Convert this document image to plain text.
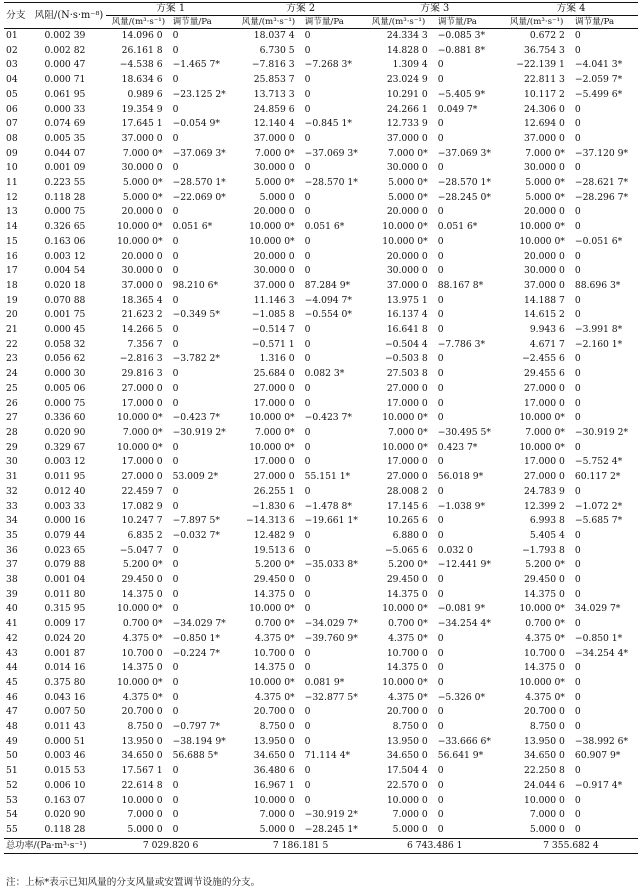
分支	风阻/(N·s·m⁻⁸)	方案 1		方案 2		方案 3		方案 4	
		风量/(m³·s⁻¹)	调节量/Pa	风量/(m³·s⁻¹)	调节量/Pa	风量/(m³·s⁻¹)	调节量/Pa	风量/(m³·s⁻¹)	调节量/Pa
01	0.002 39	14.096 0	0	18.037 4	0	24.334 3	−0.085 3*	0.672 2	0
02	0.002 82	26.161 8	0	6.730 5	0	14.828 0	−0.881 8*	36.754 3	0
03	0.000 47	−4.538 6	−1.465 7*	−7.816 3	−7.268 3*	1.309 4	0	−22.139 1	−4.041 3*
04	0.000 71	18.634 6	0	25.853 7	0	23.024 9	0	22.811 3	−2.059 7*
05	0.061 95	0.989 6	−23.125 2*	13.713 3	0	10.291 0	−5.405 9*	10.117 2	−5.499 6*
06	0.000 33	19.354 9	0	24.859 6	0	24.266 1	0.049 7*	24.306 0	0
07	0.074 69	17.645 1	−0.054 9*	12.140 4	−0.845 1*	12.733 9	0	12.694 0	0
08	0.005 35	37.000 0	0	37.000 0	0	37.000 0	0	37.000 0	0
09	0.044 07	7.000 0*	−37.069 3*	7.000 0*	−37.069 3*	7.000 0*	−37.069 3*	7.000 0*	−37.120 9*
10	0.001 09	30.000 0	0	30.000 0	0	30.000 0	0	30.000 0	0
11	0.223 55	5.000 0*	−28.570 1*	5.000 0*	−28.570 1*	5.000 0*	−28.570 1*	5.000 0*	−28.621 7*
12	0.118 28	5.000 0*	−22.069 0*	5.000 0	0	5.000 0*	−28.245 0*	5.000 0*	−28.296 7*
13	0.000 75	20.000 0	0	20.000 0	0	20.000 0	0	20.000 0	0
14	0.326 65	10.000 0*	0.051 6*	10.000 0*	0.051 6*	10.000 0*	0.051 6*	10.000 0*	0
15	0.163 06	10.000 0*	0	10.000 0*	0	10.000 0*	0	10.000 0*	−0.051 6*
16	0.003 12	20.000 0	0	20.000 0	0	20.000 0	0	20.000 0	0
17	0.004 54	30.000 0	0	30.000 0	0	30.000 0	0	30.000 0	0
18	0.020 18	37.000 0	98.210 6*	37.000 0	87.284 9*	37.000 0	88.167 8*	37.000 0	88.696 3*
19	0.070 88	18.365 4	0	11.146 3	−4.094 7*	13.975 1	0	14.188 7	0
20	0.001 75	21.623 2	−0.349 5*	−1.085 8	−0.554 0*	16.137 4	0	14.615 2	0
21	0.000 45	14.266 5	0	−0.514 7	0	16.641 8	0	9.943 6	−3.991 8*
22	0.058 32	7.356 7	0	−0.571 1	0	−0.504 4	−7.786 3*	4.671 7	−2.160 1*
23	0.056 62	−2.816 3	−3.782 2*	1.316 0	0	−0.503 8	0	−2.455 6	0
24	0.000 30	29.816 3	0	25.684 0	0.082 3*	27.503 8	0	29.455 6	0
25	0.005 06	27.000 0	0	27.000 0	0	27.000 0	0	27.000 0	0
26	0.000 75	17.000 0	0	17.000 0	0	17.000 0	0	17.000 0	0
27	0.336 60	10.000 0*	−0.423 7*	10.000 0*	−0.423 7*	10.000 0*	0	10.000 0*	0
28	0.020 90	7.000 0*	−30.919 2*	7.000 0*	0	7.000 0*	−30.495 5*	7.000 0*	−30.919 2*
29	0.329 67	10.000 0*	0	10.000 0*	0	10.000 0*	0.423 7*	10.000 0*	0
30	0.003 12	17.000 0	0	17.000 0	0	17.000 0	0	17.000 0	−5.752 4*
31	0.011 95	27.000 0	53.009 2*	27.000 0	55.151 1*	27.000 0	56.018 9*	27.000 0	60.117 2*
32	0.012 40	22.459 7	0	26.255 1	0	28.008 2	0	24.783 9	0
33	0.003 33	17.082 9	0	−1.830 6	−1.478 8*	17.145 6	−1.038 9*	12.399 2	−1.072 2*
34	0.000 16	10.247 7	−7.897 5*	−14.313 6	−19.661 1*	10.265 6	0	6.993 8	−5.685 7*
35	0.079 44	6.835 2	−0.032 7*	12.482 9	0	6.880 0	0	5.405 4	0
36	0.023 65	−5.047 7	0	19.513 6	0	−5.065 6	0.032 0	−1.793 8	0
37	0.079 88	5.200 0*	0	5.200 0*	−35.033 8*	5.200 0*	−12.441 9*	5.200 0*	0
38	0.001 04	29.450 0	0	29.450 0	0	29.450 0	0	29.450 0	0
39	0.011 80	14.375 0	0	14.375 0	0	14.375 0	0	14.375 0	0
40	0.315 95	10.000 0*	0	10.000 0*	0	10.000 0*	−0.081 9*	10.000 0*	34.029 7*
41	0.009 17	0.700 0*	−34.029 7*	0.700 0*	−34.029 7*	0.700 0*	−34.254 4*	0.700 0*	0
42	0.024 20	4.375 0*	−0.850 1*	4.375 0*	−39.760 9*	4.375 0*	0	4.375 0*	−0.850 1*
43	0.001 87	10.700 0	−0.224 7*	10.700 0	0	10.700 0	0	10.700 0	−34.254 4*
44	0.014 16	14.375 0	0	14.375 0	0	14.375 0	0	14.375 0	0
45	0.375 80	10.000 0*	0	10.000 0*	0.081 9*	10.000 0*	0	10.000 0*	0
46	0.043 16	4.375 0*	0	4.375 0*	−32.877 5*	4.375 0*	−5.326 0*	4.375 0*	0
47	0.007 50	20.700 0	0	20.700 0	0	20.700 0	0	20.700 0	0
48	0.011 43	8.750 0	−0.797 7*	8.750 0	0	8.750 0	0	8.750 0	0
49	0.000 51	13.950 0	−38.194 9*	13.950 0	0	13.950 0	−33.666 6*	13.950 0	−38.992 6*
50	0.003 46	34.650 0	56.688 5*	34.650 0	71.114 4*	34.650 0	56.641 9*	34.650 0	60.907 9*
51	0.015 53	17.567 1	0	36.480 6	0	17.504 4	0	22.250 8	0
52	0.006 10	22.614 8	0	16.967 1	0	22.570 0	0	24.044 6	−0.917 4*
53	0.163 07	10.000 0	0	10.000 0	0	10.000 0	0	10.000 0	0
54	0.020 90	7.000 0	0	7.000 0	−30.919 2*	7.000 0	0	7.000 0	0
55	0.118 28	5.000 0	0	5.000 0	−28.245 1*	5.000 0	0	5.000 0	0
总功率/(Pa·m³·s⁻¹)		7 029.820 6		7 186.181 5		6 743.486 1		7 355.682 4	
注：上标*表示已知风量的分支风量或安置调节设施的分支。
